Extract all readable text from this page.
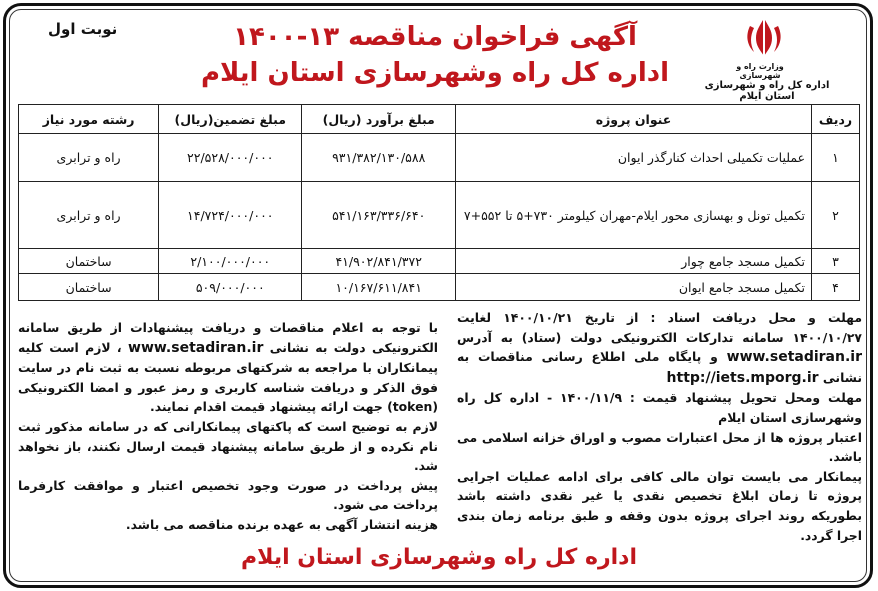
نوبت اول	آگهی فراخوان مناقصه ۱۳-۱۴۰۰
اداره کل راه وشهرسازی استان ایلام	وزارت راه و شهرسازی
اداره کل راه و شهرسازی استان ایلام
ردیف	عنوان پروژه	مبلغ برآورد (ریال)	مبلغ تضمین(ریال)	رشته مورد نیاز
۱	عملیات تکمیلی احداث کنارگذر ایوان	۹۳۱/۳۸۲/۱۳۰/۵۸۸	۲۲/۵۲۸/۰۰۰/۰۰۰	راه و ترابری
۲	تکمیل تونل و بهسازی محور ایلام-مهران کیلومتر ۷۳۰+۵ تا ۵۵۲+۷	۵۴۱/۱۶۳/۳۳۶/۶۴۰	۱۴/۷۲۴/۰۰۰/۰۰۰	راه و ترابری
۳	تکمیل مسجد جامع چوار	۴۱/۹۰۲/۸۴۱/۳۷۲	۲/۱۰۰/۰۰۰/۰۰۰	ساختمان
۴	تکمیل مسجد جامع ایوان	۱۰/۱۶۷/۶۱۱/۸۴۱	۵۰۹/۰۰۰/۰۰۰	ساختمان

مهلت و محل دریافت اسناد : از تاریخ ۱۴۰۰/۱۰/۲۱ لغایت ۱۴۰۰/۱۰/۲۷ سامانه تدارکات الکترونیکی دولت (ستاد) به آدرس www.setadiran.ir و پایگاه ملی اطلاع رسانی مناقصات به نشانی http://iets.mporg.ir

مهلت ومحل تحویل پیشنهاد قیمت : ۱۴۰۰/۱۱/۹ - اداره کل راه وشهرسازی استان ایلام

اعتبار پروژه ها از محل اعتبارات مصوب و اوراق خزانه اسلامی می باشد.

پیمانکار می بایست توان مالی کافی برای ادامه عملیات اجرایی پروژه تا زمان ابلاغ تخصیص نقدی یا غیر نقدی داشته باشد بطوریکه روند اجرای پروژه بدون وقفه و طبق برنامه زمان بندی اجرا گردد.

با توجه به اعلام مناقصات و دریافت پیشنهادات از طریق سامانه الکترونیکی دولت به نشانی www.setadiran.ir ، لازم است کلیه پیمانکاران با مراجعه به شرکتهای مربوطه نسبت به ثبت نام در سایت فوق الذکر و دریافت شناسه کاربری و رمز عبور و امضا الکترونیکی (token) جهت ارائه پیشنهاد قیمت اقدام نمایند.

لازم به توضیح است که پاکتهای پیمانکارانی که در سامانه مذکور ثبت نام نکرده و از طریق سامانه پیشنهاد قیمت ارسال نکنند، باز نخواهد شد.

پیش پرداخت در صورت وجود تخصیص اعتبار و موافقت کارفرما پرداخت می شود.

هزینه انتشار آگهی به عهده برنده مناقصه می باشد.

اداره کل راه وشهرسازی استان ایلام
